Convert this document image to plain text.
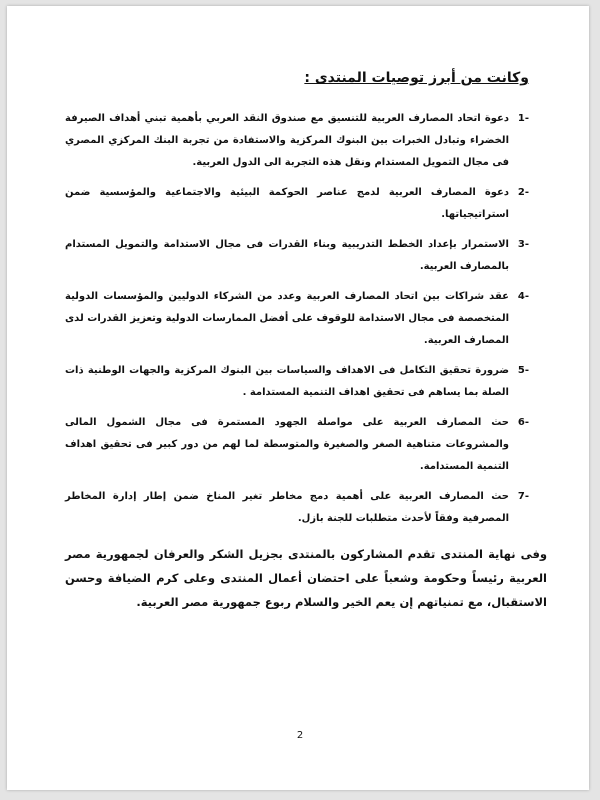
وكانت من أبرز توصيات المنتدى :
1-
دعوة اتحاد المصارف العربية للتنسيق مع صندوق النقد العربي بأهمية تبني أهداف الصيرفة الخضراء وتبادل الخبرات بين البنوك المركزية والاستفادة من تجربة البنك المركزي المصري فى مجال التمويل المستدام ونقل هذه التجربة الى الدول العربية.
2-
دعوة المصارف العربية لدمج عناصر الحوكمة البيئية والاجتماعية والمؤسسية ضمن استراتيجياتها.
3-
الاستمرار بإعداد الخطط التدريبية وبناء القدرات فى مجال الاستدامة والتمويل المستدام بالمصارف العربية.
4-
عقد شراكات بين اتحاد المصارف العربية وعدد من الشركاء الدوليين والمؤسسات الدولية المتخصصة فى مجال الاستدامة للوقوف على أفضل الممارسات الدولية وتعزيز القدرات لدى المصارف العربية.
5-
ضرورة تحقيق التكامل فى الاهداف والسياسات بين البنوك المركزية والجهات الوطنية ذات الصلة بما يساهم فى تحقيق اهداف التنمية المستدامة .
6-
حث المصارف العربية على مواصلة الجهود المستمرة فى مجال الشمول المالى والمشروعات متناهية الصغر والصغيرة والمتوسطة لما لهم من دور كبير فى تحقيق اهداف التنمية المستدامة.
7-
حث المصارف العربية على أهمية دمج مخاطر تغير المناخ ضمن إطار إدارة المخاطر المصرفية وفقاً لأحدث متطلبات للجنة بازل.
وفى نهاية المنتدى تقدم المشاركون بالمنتدى بجزيل الشكر والعرفان لجمهورية مصر العربية رئيساً وحكومة وشعباً على احتضان أعمال المنتدى وعلى كرم الضيافة وحسن الاستقبال، مع تمنياتهم إن يعم الخير والسلام ربوع جمهورية مصر العربية.
2
